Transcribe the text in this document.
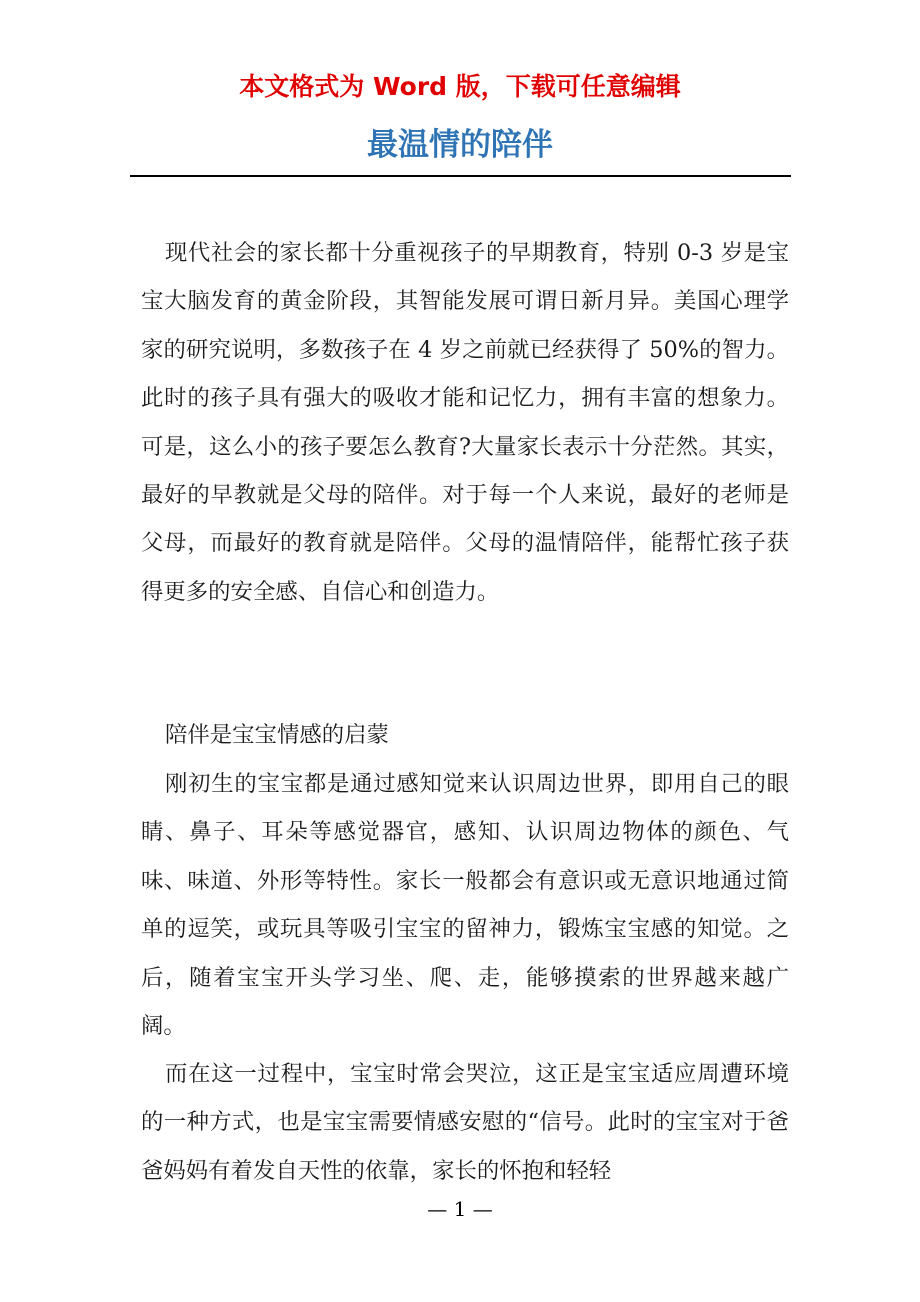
本文格式为 Word 版，下载可任意编辑
最温情的陪伴

现代社会的家长都十分重视孩子的早期教育，特别 0-3 岁是宝宝大脑发育的黄金阶段，其智能发展可谓日新月异。美国心理学家的研究说明，多数孩子在 4 岁之前就已经获得了 50%的智力。此时的孩子具有强大的吸收才能和记忆力，拥有丰富的想象力。可是，这么小的孩子要怎么教育?大量家长表示十分茫然。其实，最好的早教就是父母的陪伴。对于每一个人来说，最好的老师是父母，而最好的教育就是陪伴。父母的温情陪伴，能帮忙孩子获得更多的安全感、自信心和创造力。

陪伴是宝宝情感的启蒙

刚初生的宝宝都是通过感知觉来认识周边世界，即用自己的眼睛、鼻子、耳朵等感觉器官，感知、认识周边物体的颜色、气味、味道、外形等特性。家长一般都会有意识或无意识地通过简单的逗笑，或玩具等吸引宝宝的留神力，锻炼宝宝感的知觉。之后，随着宝宝开头学习坐、爬、走，能够摸索的世界越来越广阔。

而在这一过程中，宝宝时常会哭泣，这正是宝宝适应周遭环境的一种方式，也是宝宝需要情感安慰的“信号。此时的宝宝对于爸爸妈妈有着发自天性的依靠，家长的怀抱和轻轻

— 1 —
